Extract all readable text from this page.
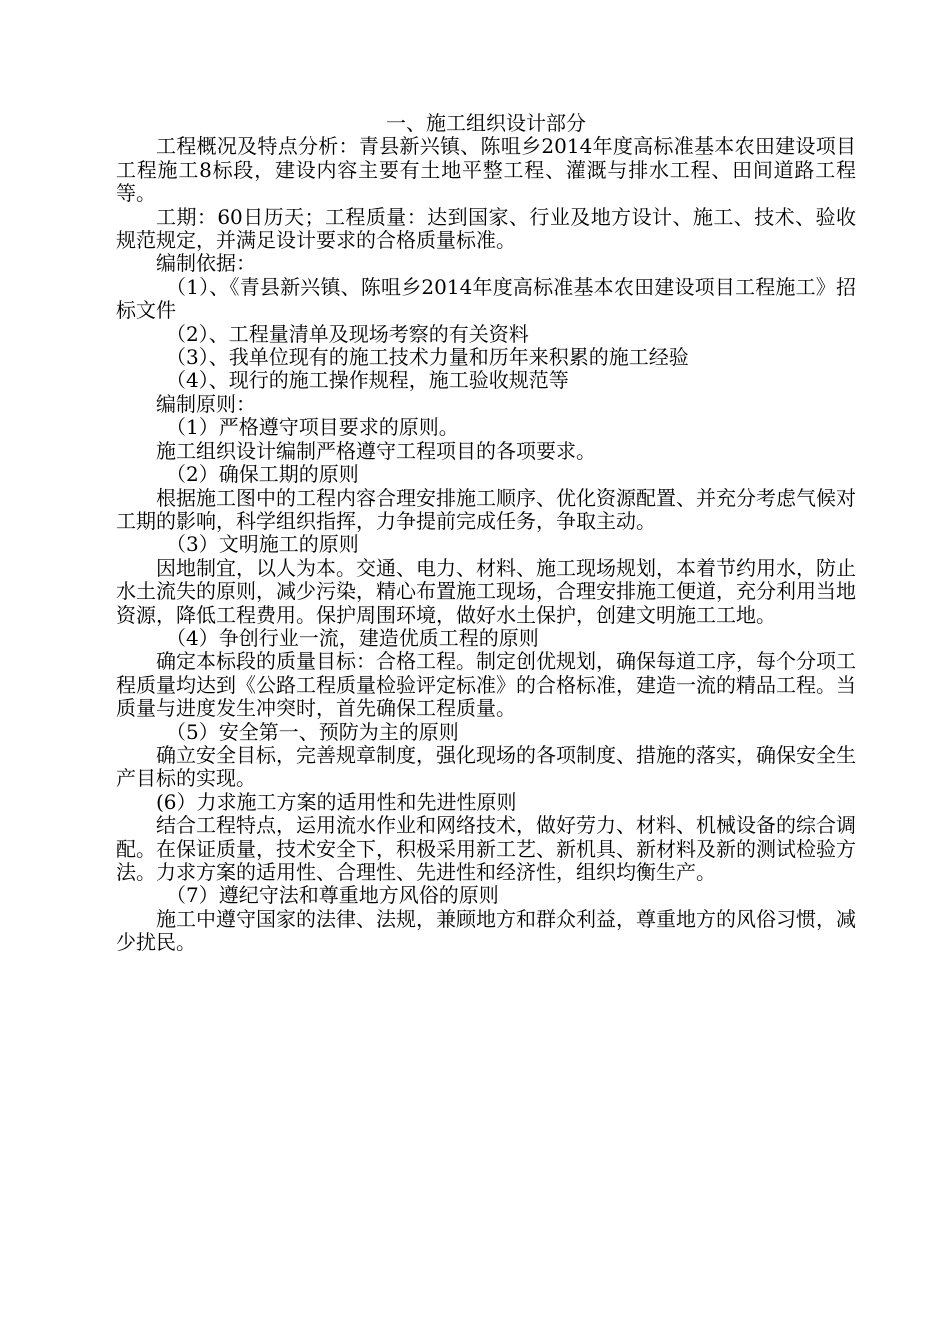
一、施工组织设计部分

工程概况及特点分析：青县新兴镇、陈咀乡2014年度高标准基本农田建设项目工程施工8标段，建设内容主要有土地平整工程、灌溉与排水工程、田间道路工程等。

工期：60日历天；工程质量：达到国家、行业及地方设计、施工、技术、验收规范规定，并满足设计要求的合格质量标准。

编制依据：

（1）、《青县新兴镇、陈咀乡2014年度高标准基本农田建设项目工程施工》招标文件

（2）、工程量清单及现场考察的有关资料

（3）、我单位现有的施工技术力量和历年来积累的施工经验

（4）、现行的施工操作规程，施工验收规范等

编制原则：

（1）严格遵守项目要求的原则。

施工组织设计编制严格遵守工程项目的各项要求。

（2）确保工期的原则

根据施工图中的工程内容合理安排施工顺序、优化资源配置、并充分考虑气候对工期的影响，科学组织指挥，力争提前完成任务，争取主动。

（3）文明施工的原则

因地制宜，以人为本。交通、电力、材料、施工现场规划，本着节约用水，防止水土流失的原则，减少污染，精心布置施工现场，合理安排施工便道，充分利用当地资源，降低工程费用。保护周围环境，做好水土保护，创建文明施工工地。

（4）争创行业一流，建造优质工程的原则

确定本标段的质量目标：合格工程。制定创优规划，确保每道工序，每个分项工程质量均达到《公路工程质量检验评定标准》的合格标准，建造一流的精品工程。当质量与进度发生冲突时，首先确保工程质量。

（5）安全第一、预防为主的原则

确立安全目标，完善规章制度，强化现场的各项制度、措施的落实，确保安全生产目标的实现。

(6）力求施工方案的适用性和先进性原则

结合工程特点，运用流水作业和网络技术，做好劳力、材料、机械设备的综合调配。在保证质量，技术安全下，积极采用新工艺、新机具、新材料及新的测试检验方法。力求方案的适用性、合理性、先进性和经济性，组织均衡生产。

（7）遵纪守法和尊重地方风俗的原则

施工中遵守国家的法律、法规，兼顾地方和群众利益，尊重地方的风俗习惯，减少扰民。
